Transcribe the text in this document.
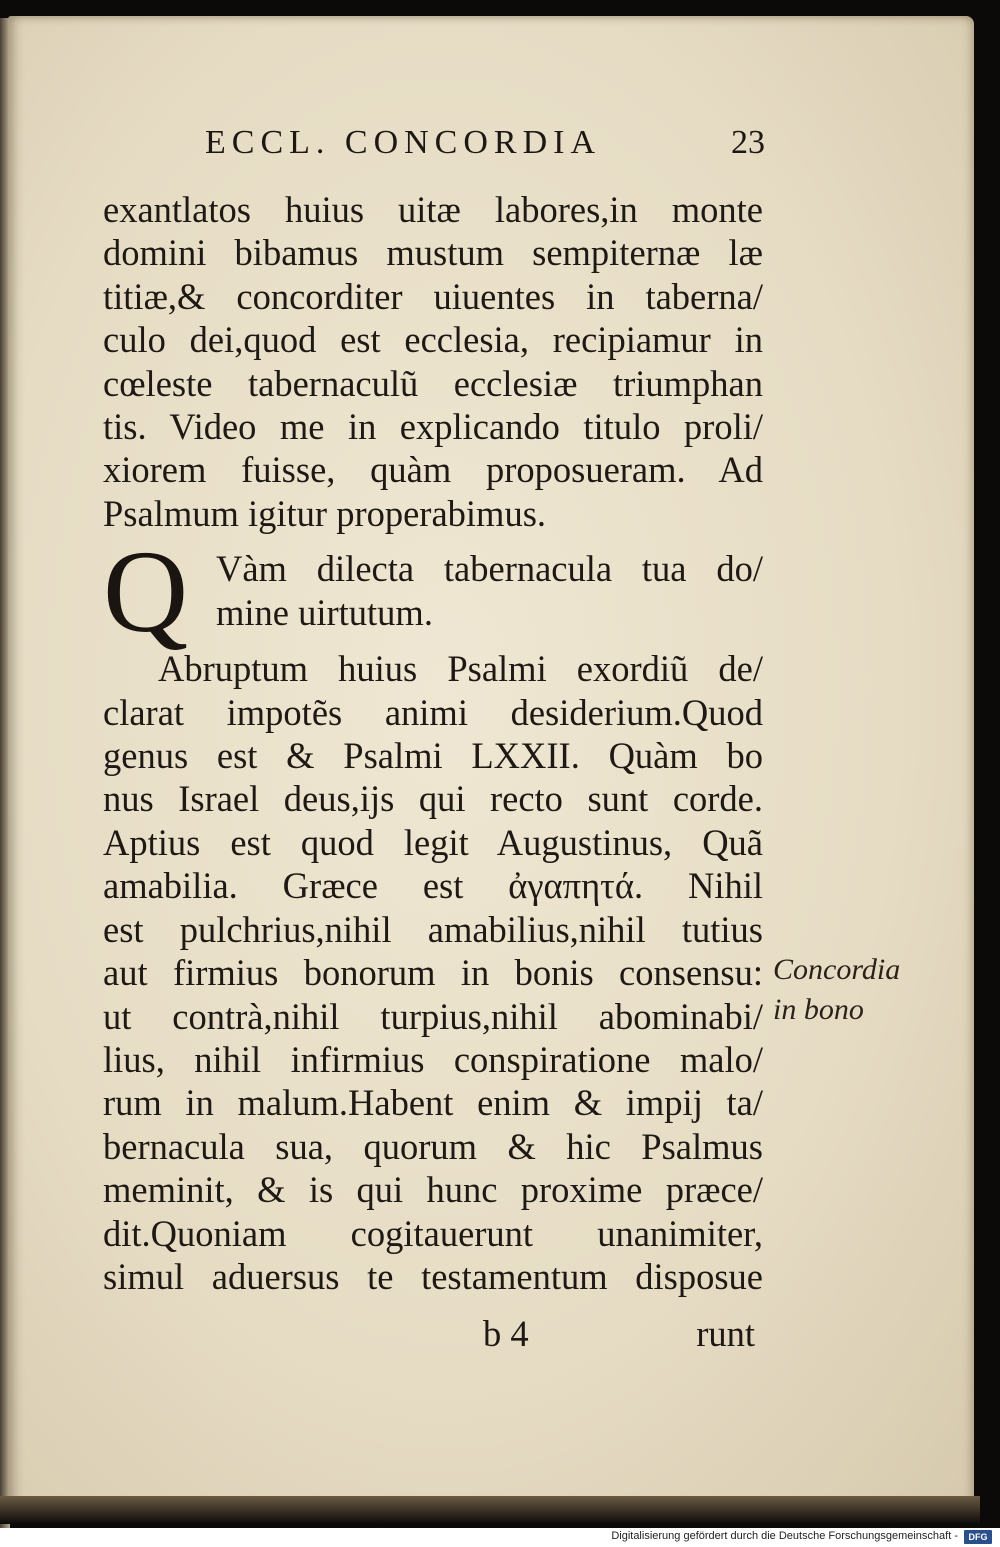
ECCL. CONCORDIA	23
exantlatos huius uitæ labores,in monte
domini bibamus mustum sempiternæ læ
titiæ,& concorditer uiuentes in taberna/
culo dei,quod est ecclesia, recipiamur in
cœleste tabernaculũ ecclesiæ triumphan
tis. Video me in explicando titulo proli/
xiorem fuisse, quàm proposueram. Ad
Psalmum igitur properabimus.
Q Vàm dilecta tabernacula tua do/
mine uirtutum.
Abruptum huius Psalmi exordiũ de/
clarat impotẽs animi desiderium.Quod
genus est & Psalmi LXXII. Quàm bo
nus Israel deus,ijs qui recto sunt corde.
Aptius est quod legit Augustinus, Quã
amabilia. Græce est ἀγαπητά. Nihil
est pulchrius,nihil amabilius,nihil tutius
aut firmius bonorum in bonis consensu:
ut contrà,nihil turpius,nihil abominabi/
lius, nihil infirmius conspiratione malo/
rum in malum.Habent enim & impij ta/
bernacula sua, quorum & hic Psalmus
meminit, & is qui hunc proxime præce/
dit.Quoniam cogitauerunt unanimiter,
simul aduersus te testamentum disposue
b 4	runt
Concordia
in bono
Digitalisierung gefördert durch die Deutsche Forschungsgemeinschaft -	DFG
